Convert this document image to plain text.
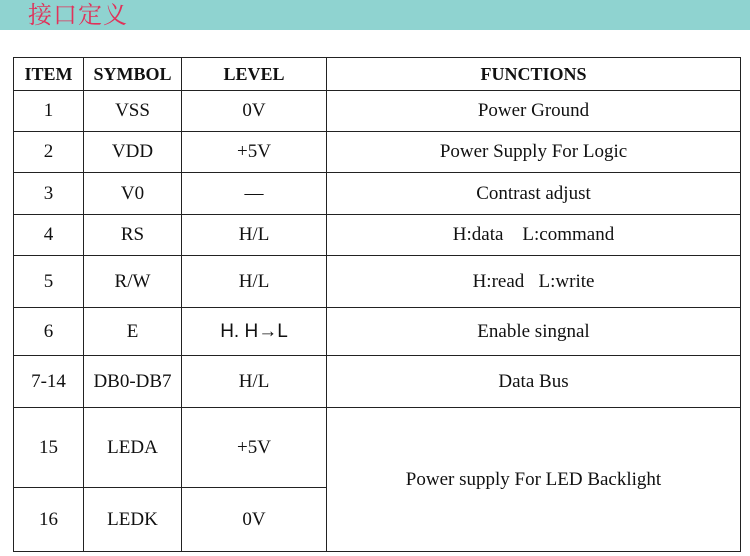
接口定义
ITEM	SYMBOL	LEVEL	FUNCTIONS
1	VSS	0V	Power Ground
2	VDD	+5V	Power Supply For Logic
3	V0	—	Contrast adjust
4	RS	H/L	H:data    L:command
5	R/W	H/L	H:read   L:write
6	E	H. H→L	Enable singnal
7-14	DB0-DB7	H/L	Data Bus
15	LEDA	+5V	Power supply For LED Backlight
16	LEDK	0V	
